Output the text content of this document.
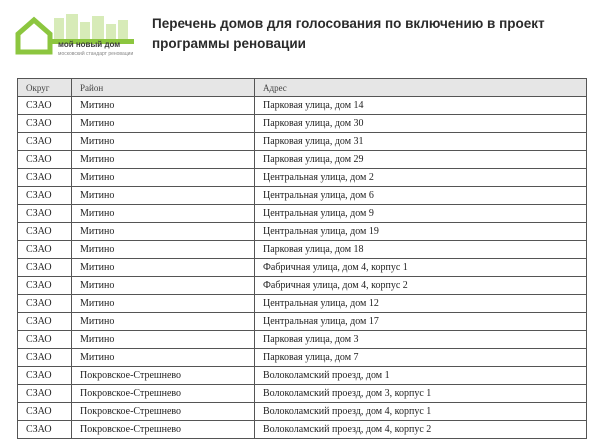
мой новый дом
московский стандарт реновации
Перечень домов для голосования по включению в проект программы реновации
Округ	Район	Адрес
СЗАО	Митино	Парковая улица, дом 14
СЗАО	Митино	Парковая улица, дом 30
СЗАО	Митино	Парковая улица, дом 31
СЗАО	Митино	Парковая улица, дом 29
СЗАО	Митино	Центральная улица, дом 2
СЗАО	Митино	Центральная улица, дом 6
СЗАО	Митино	Центральная улица, дом 9
СЗАО	Митино	Центральная улица, дом 19
СЗАО	Митино	Парковая улица, дом 18
СЗАО	Митино	Фабричная улица, дом 4, корпус 1
СЗАО	Митино	Фабричная улица, дом 4, корпус 2
СЗАО	Митино	Центральная улица, дом 12
СЗАО	Митино	Центральная улица, дом 17
СЗАО	Митино	Парковая улица, дом 3
СЗАО	Митино	Парковая улица, дом 7
СЗАО	Покровское-Стрешнево	Волоколамский проезд, дом 1
СЗАО	Покровское-Стрешнево	Волоколамский проезд, дом 3, корпус 1
СЗАО	Покровское-Стрешнево	Волоколамский проезд, дом 4, корпус 1
СЗАО	Покровское-Стрешнево	Волоколамский проезд, дом 4, корпус 2
